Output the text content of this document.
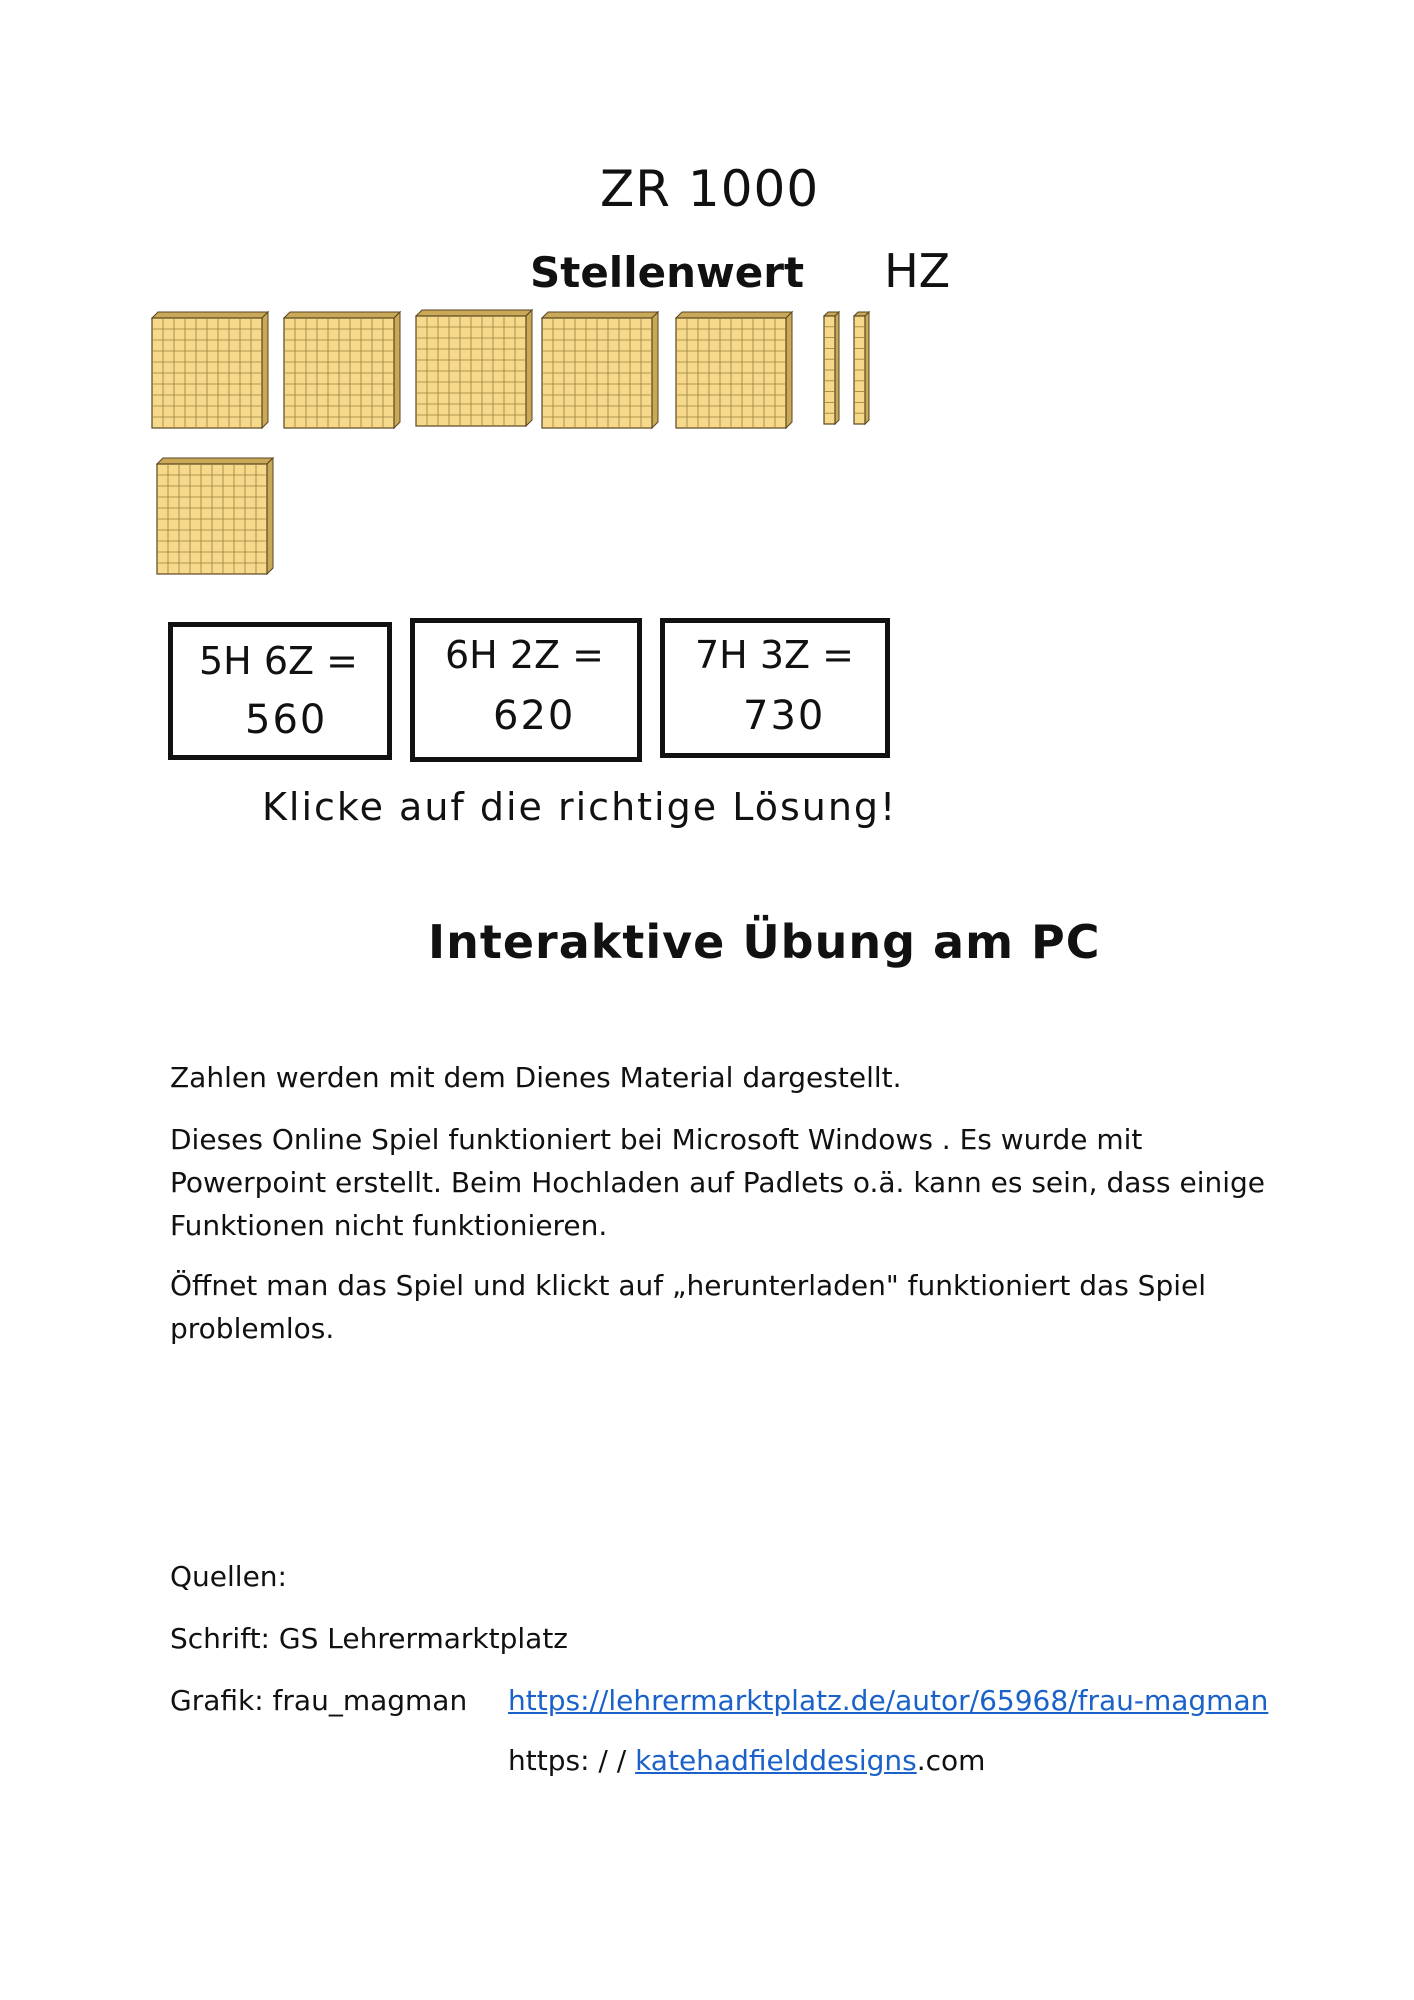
ZR 1000
Stellenwert HZ
5H 6Z =
560
6H 2Z =
620
7H 3Z =
730
Klicke auf die richtige Lösung!
Interaktive Übung am PC
Zahlen werden mit dem Dienes Material dargestellt.
Dieses Online Spiel funktioniert bei Microsoft Windows . Es wurde mit Powerpoint erstellt. Beim Hochladen auf Padlets o.ä. kann es sein, dass einige Funktionen nicht funktionieren.
Öffnet man das Spiel und klickt auf „herunterladen" funktioniert das Spiel problemlos.
Quellen:
Schrift: GS Lehrermarktplatz
Grafik: frau_magman https://lehrermarktplatz.de/autor/65968/frau-magman
https: / / katehadfielddesigns.com
